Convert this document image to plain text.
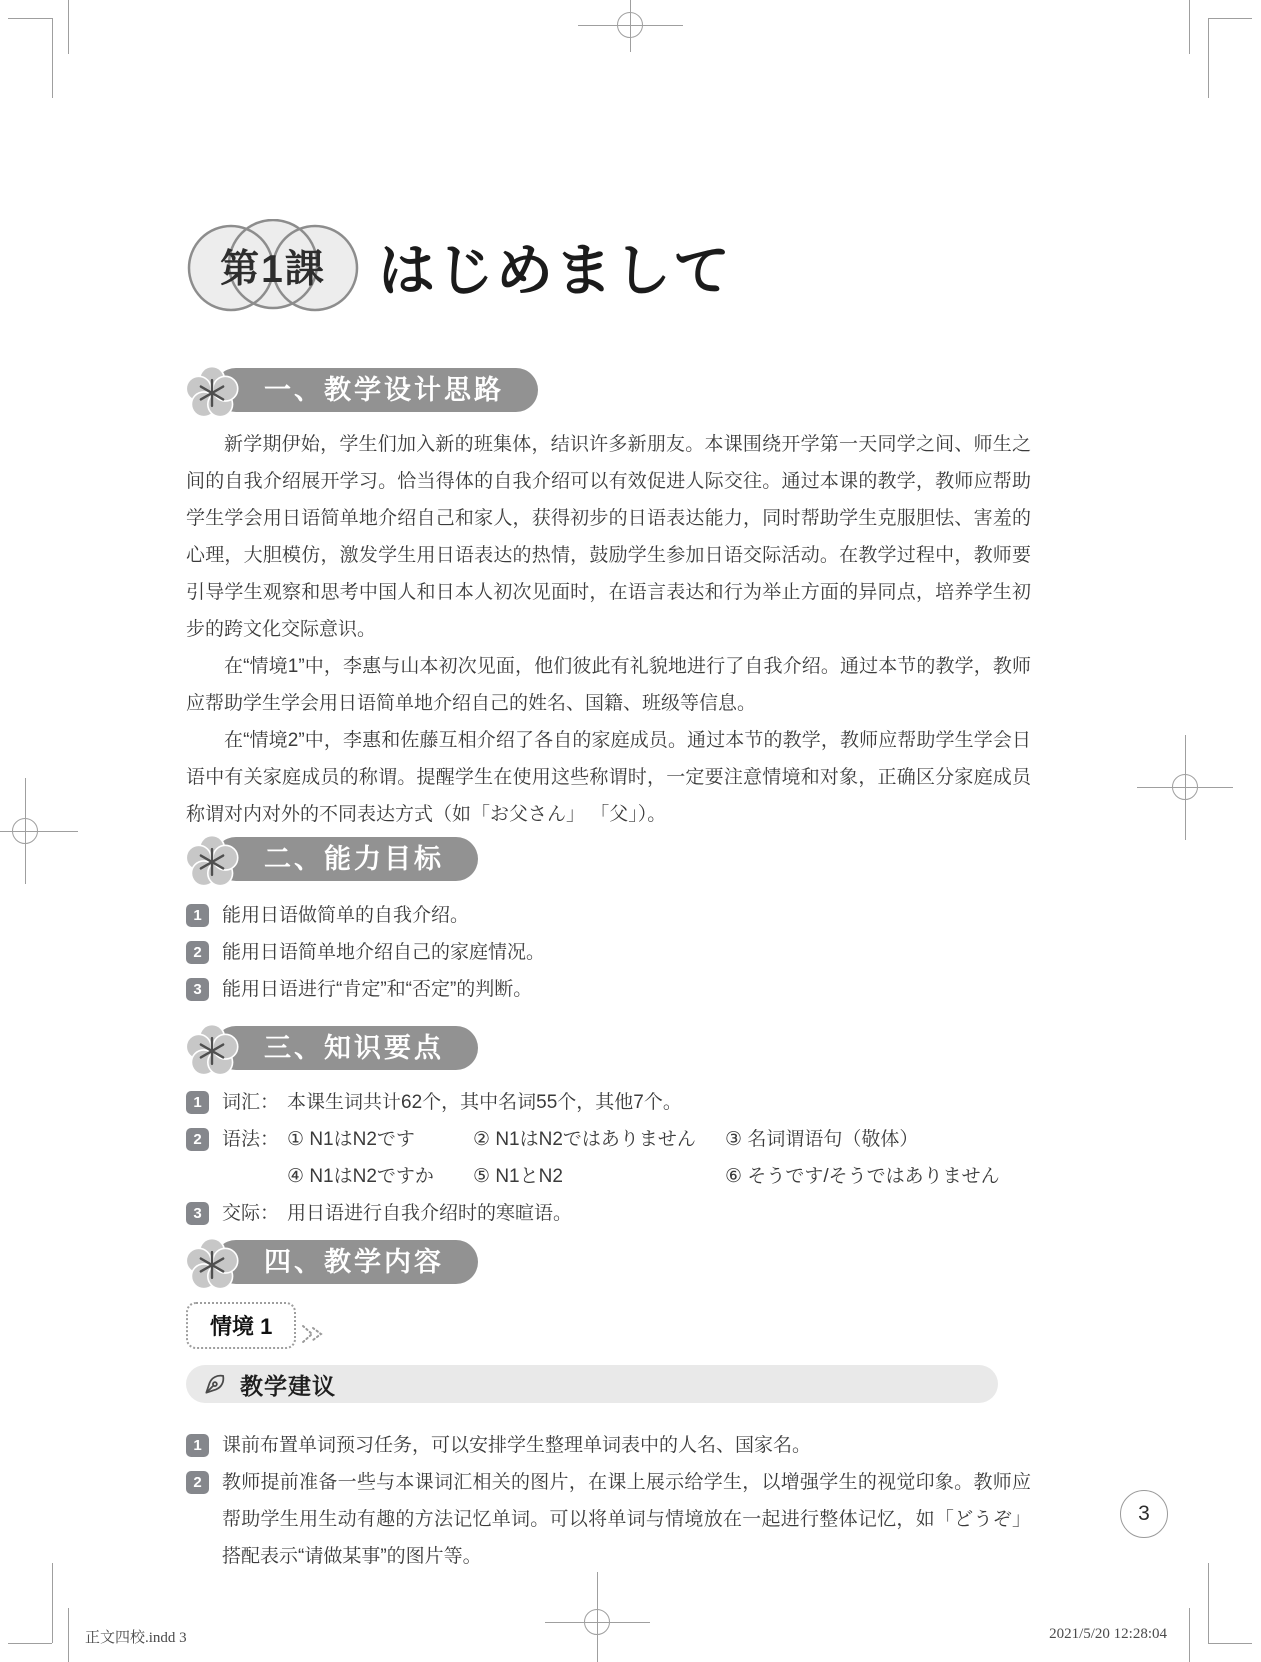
第1課 はじめまして
一、教学设计思路

新学期伊始，学生们加入新的班集体，结识许多新朋友。本课围绕开学第一天同学之间、师生之间的自我介绍展开学习。恰当得体的自我介绍可以有效促进人际交往。通过本课的教学，教师应帮助学生学会用日语简单地介绍自己和家人，获得初步的日语表达能力，同时帮助学生克服胆怯、害羞的心理，大胆模仿，激发学生用日语表达的热情，鼓励学生参加日语交际活动。在教学过程中，教师要引导学生观察和思考中国人和日本人初次见面时，在语言表达和行为举止方面的异同点，培养学生初步的跨文化交际意识。

在“情境1”中，李惠与山本初次见面，他们彼此有礼貌地进行了自我介绍。通过本节的教学，教师应帮助学生学会用日语简单地介绍自己的姓名、国籍、班级等信息。

在“情境2”中，李惠和佐藤互相介绍了各自的家庭成员。通过本节的教学，教师应帮助学生学会日语中有关家庭成员的称谓。提醒学生在使用这些称谓时，一定要注意情境和对象，正确区分家庭成员称谓对内对外的不同表达方式（如「お父さん」 「父」）。

二、能力目标
1	能用日语做简单的自我介绍。
2	能用日语简单地介绍自己的家庭情况。
3	能用日语进行“肯定”和“否定”的判断。
三、知识要点
1	词汇： 本课生词共计62个，其中名词55个，其他7个。
2	语法： ① N1はN2です	② N1はN2ではありません	③ 名词谓语句（敬体）
④ N1はN2ですか	⑤ N1とN2	⑥ そうです/そうではありません
3	交际： 用日语进行自我介绍时的寒暄语。
四、教学内容
情境 1
教学建议
1	课前布置单词预习任务，可以安排学生整理单词表中的人名、国家名。
2	教师提前准备一些与本课词汇相关的图片，在课上展示给学生，以增强学生的视觉印象。教师应帮助学生用生动有趣的方法记忆单词。可以将单词与情境放在一起进行整体记忆，如「どうぞ」搭配表示“请做某事”的图片等。
3
正文四校.indd 3	2021/5/20 12:28:04
